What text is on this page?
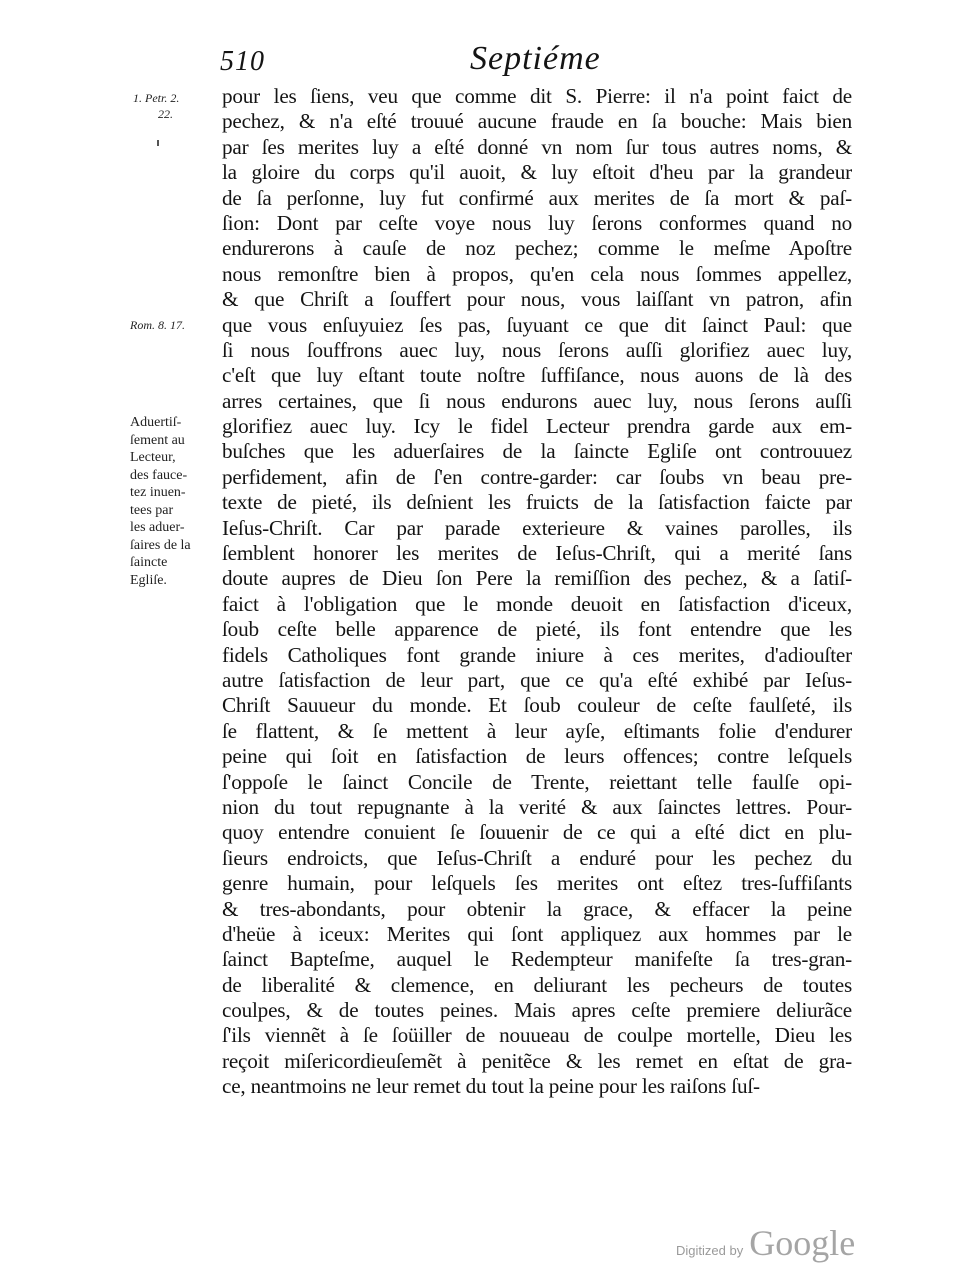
510	Septiéme
1. Petr. 2.
22.
Rom. 8. 17.
Aduertiſ-
ſement au
Lecteur,
des fauce-
tez inuen-
tees par
les aduer-
ſaires de la
ſaincte
Egliſe.
pour les ſiens, veu que comme dit S. Pierre: il n'a point faict de
pechez, & n'a eſté trouué aucune fraude en ſa bouche: Mais bien
par ſes merites luy a eſté donné vn nom ſur tous autres noms, &
la gloire du corps qu'il auoit, & luy eſtoit d'heu par la grandeur
de ſa perſonne, luy fut confirmé aux merites de ſa mort & paſ-
ſion: Dont par ceſte voye nous luy ſerons conformes quand no
endurerons à cauſe de noz pechez; comme le meſme Apoſtre
nous remonſtre bien à propos, qu'en cela nous ſommes appellez,
& que Chriſt a ſouffert pour nous, vous laiſſant vn patron, afin
que vous enſuyuiez ſes pas, ſuyuant ce que dit ſainct Paul: que
ſi nous ſouffrons auec luy, nous ſerons auſſi glorifiez auec luy,
c'eſt que luy eſtant toute noſtre ſuffiſance, nous auons de là des
arres certaines, que ſi nous endurons auec luy, nous ſerons auſſi
glorifiez auec luy. Icy le fidel Lecteur prendra garde aux em-
buſches que les aduerſaires de la ſaincte Egliſe ont controuuez
perfidement, afin de ſ'en contre-garder: car ſoubs vn beau pre-
texte de pieté, ils deſnient les fruicts de la ſatisfaction faicte par
Ieſus-Chriſt. Car par parade exterieure & vaines parolles, ils
ſemblent honorer les merites de Ieſus-Chriſt, qui a merité ſans
doute aupres de Dieu ſon Pere la remiſſion des pechez, & a ſatiſ-
faict à l'obligation que le monde deuoit en ſatisfaction d'iceux,
ſoub ceſte belle apparence de pieté, ils font entendre que les
fidels Catholiques font grande iniure à ces merites, d'adiouſter
autre ſatisfaction de leur part, que ce qu'a eſté exhibé par Ieſus-
Chriſt Sauueur du monde. Et ſoub couleur de ceſte faulſeté, ils
ſe flattent, & ſe mettent à leur ayſe, eſtimants folie d'endurer
peine qui ſoit en ſatisfaction de leurs offences; contre leſquels
ſ'oppoſe le ſainct Concile de Trente, reiettant telle faulſe opi-
nion du tout repugnante à la verité & aux ſainctes lettres. Pour-
quoy entendre conuient ſe ſouuenir de ce qui a eſté dict en plu-
ſieurs endroicts, que Ieſus-Chriſt a enduré pour les pechez du
genre humain, pour leſquels ſes merites ont eſtez tres-ſuffiſants
& tres-abondants, pour obtenir la grace, & effacer la peine
d'heüe à iceux: Merites qui ſont appliquez aux hommes par le
ſainct Bapteſme, auquel le Redempteur manifeſte ſa tres-gran-
de liberalité & clemence, en deliurant les pecheurs de toutes
coulpes, & de toutes peines. Mais apres ceſte premiere deliurãce
ſ'ils viennẽt à ſe ſoüiller de nouueau de coulpe mortelle, Dieu les
reçoit miſericordieuſemẽt à penitẽce & les remet en eſtat de gra-
ce, neantmoins ne leur remet du tout la peine pour les raiſons ſuſ-
Digitized by Google
